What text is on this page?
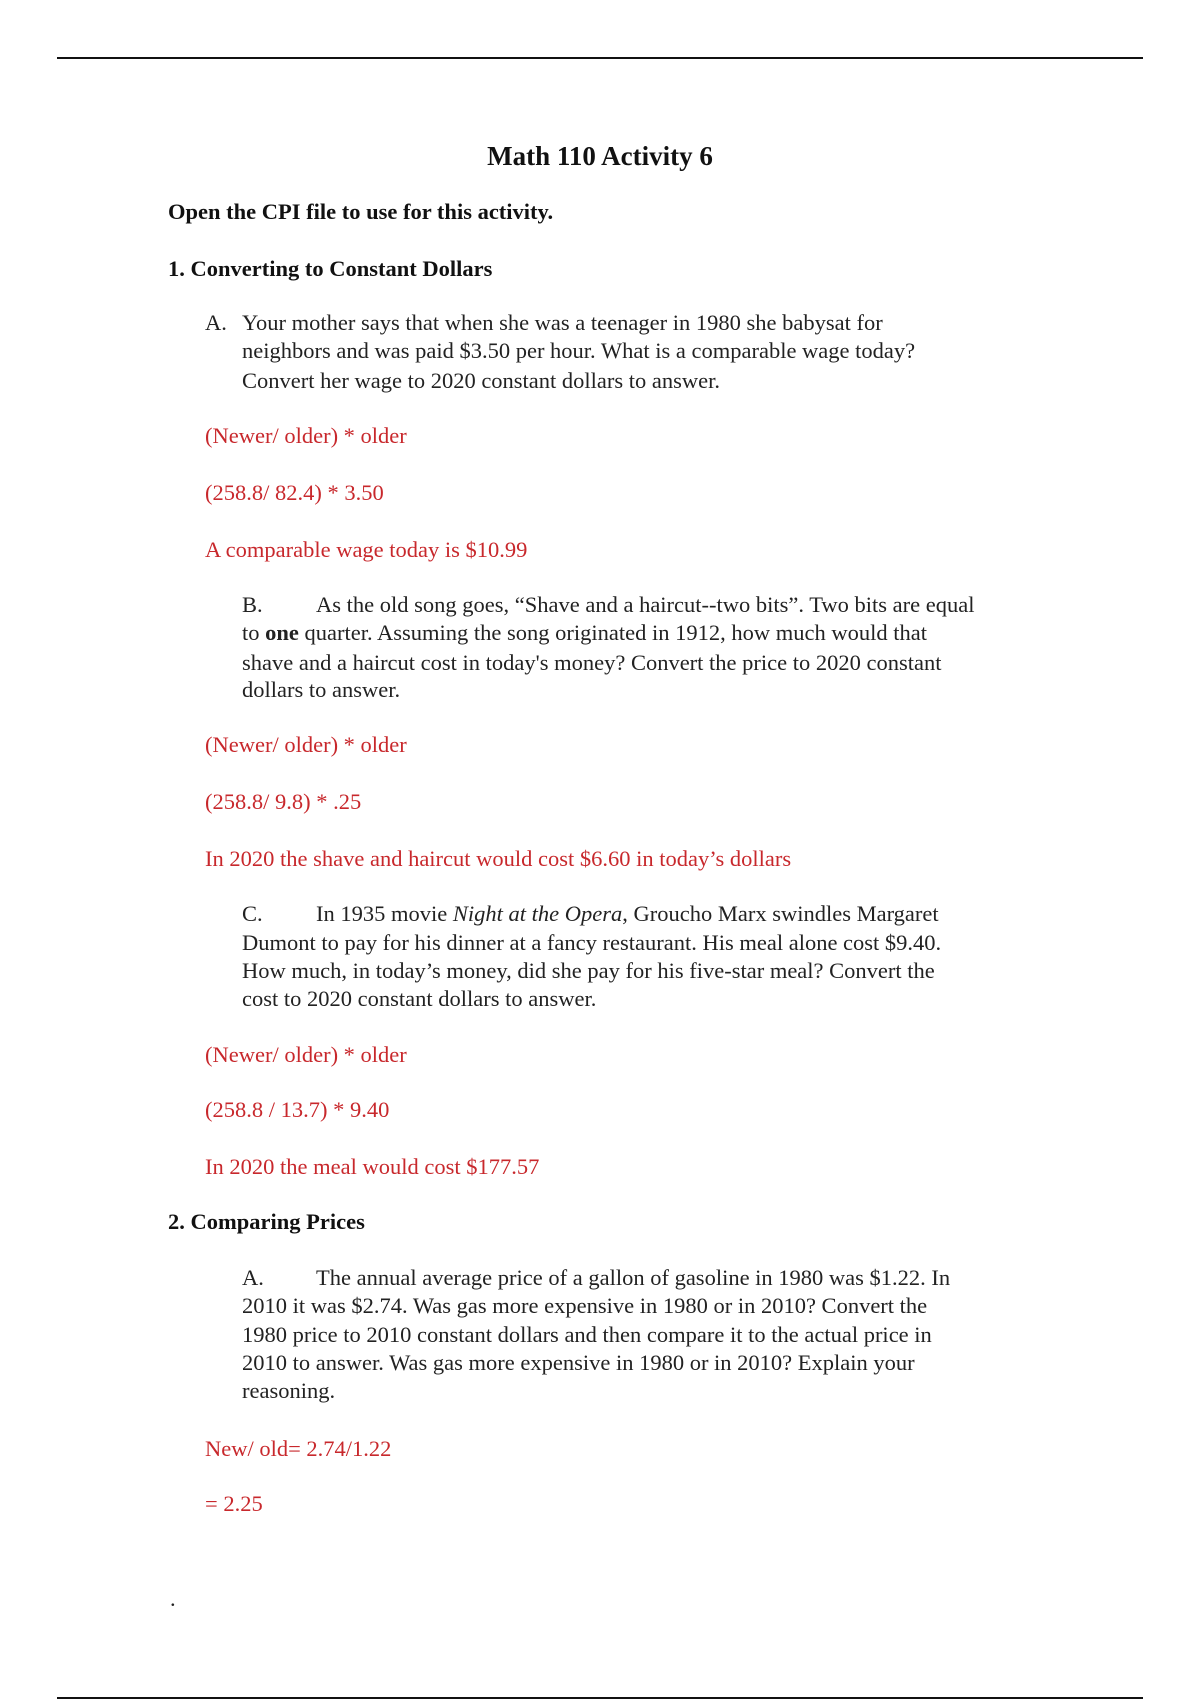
Math 110 Activity 6
Open the CPI file to use for this activity.
1. Converting to Constant Dollars
A. Your mother says that when she was a teenager in 1980 she babysat for
neighbors and was paid $3.50 per hour. What is a comparable wage today?
Convert her wage to 2020 constant dollars to answer.
(Newer/ older) * older
(258.8/ 82.4) * 3.50
A comparable wage today is $10.99
B. As the old song goes, “Shave and a haircut--two bits”. Two bits are equal
to one quarter. Assuming the song originated in 1912, how much would that
shave and a haircut cost in today's money? Convert the price to 2020 constant
dollars to answer.
(Newer/ older) * older
(258.8/ 9.8) * .25
In 2020 the shave and haircut would cost $6.60 in today’s dollars
C. In 1935 movie Night at the Opera, Groucho Marx swindles Margaret
Dumont to pay for his dinner at a fancy restaurant. His meal alone cost $9.40.
How much, in today’s money, did she pay for his five-star meal? Convert the
cost to 2020 constant dollars to answer.
(Newer/ older) * older
(258.8 / 13.7) * 9.40
In 2020 the meal would cost $177.57
2. Comparing Prices
A. The annual average price of a gallon of gasoline in 1980 was $1.22. In
2010 it was $2.74. Was gas more expensive in 1980 or in 2010? Convert the
1980 price to 2010 constant dollars and then compare it to the actual price in
2010 to answer. Was gas more expensive in 1980 or in 2010? Explain your
reasoning.
New/ old= 2.74/1.22
= 2.25
.
